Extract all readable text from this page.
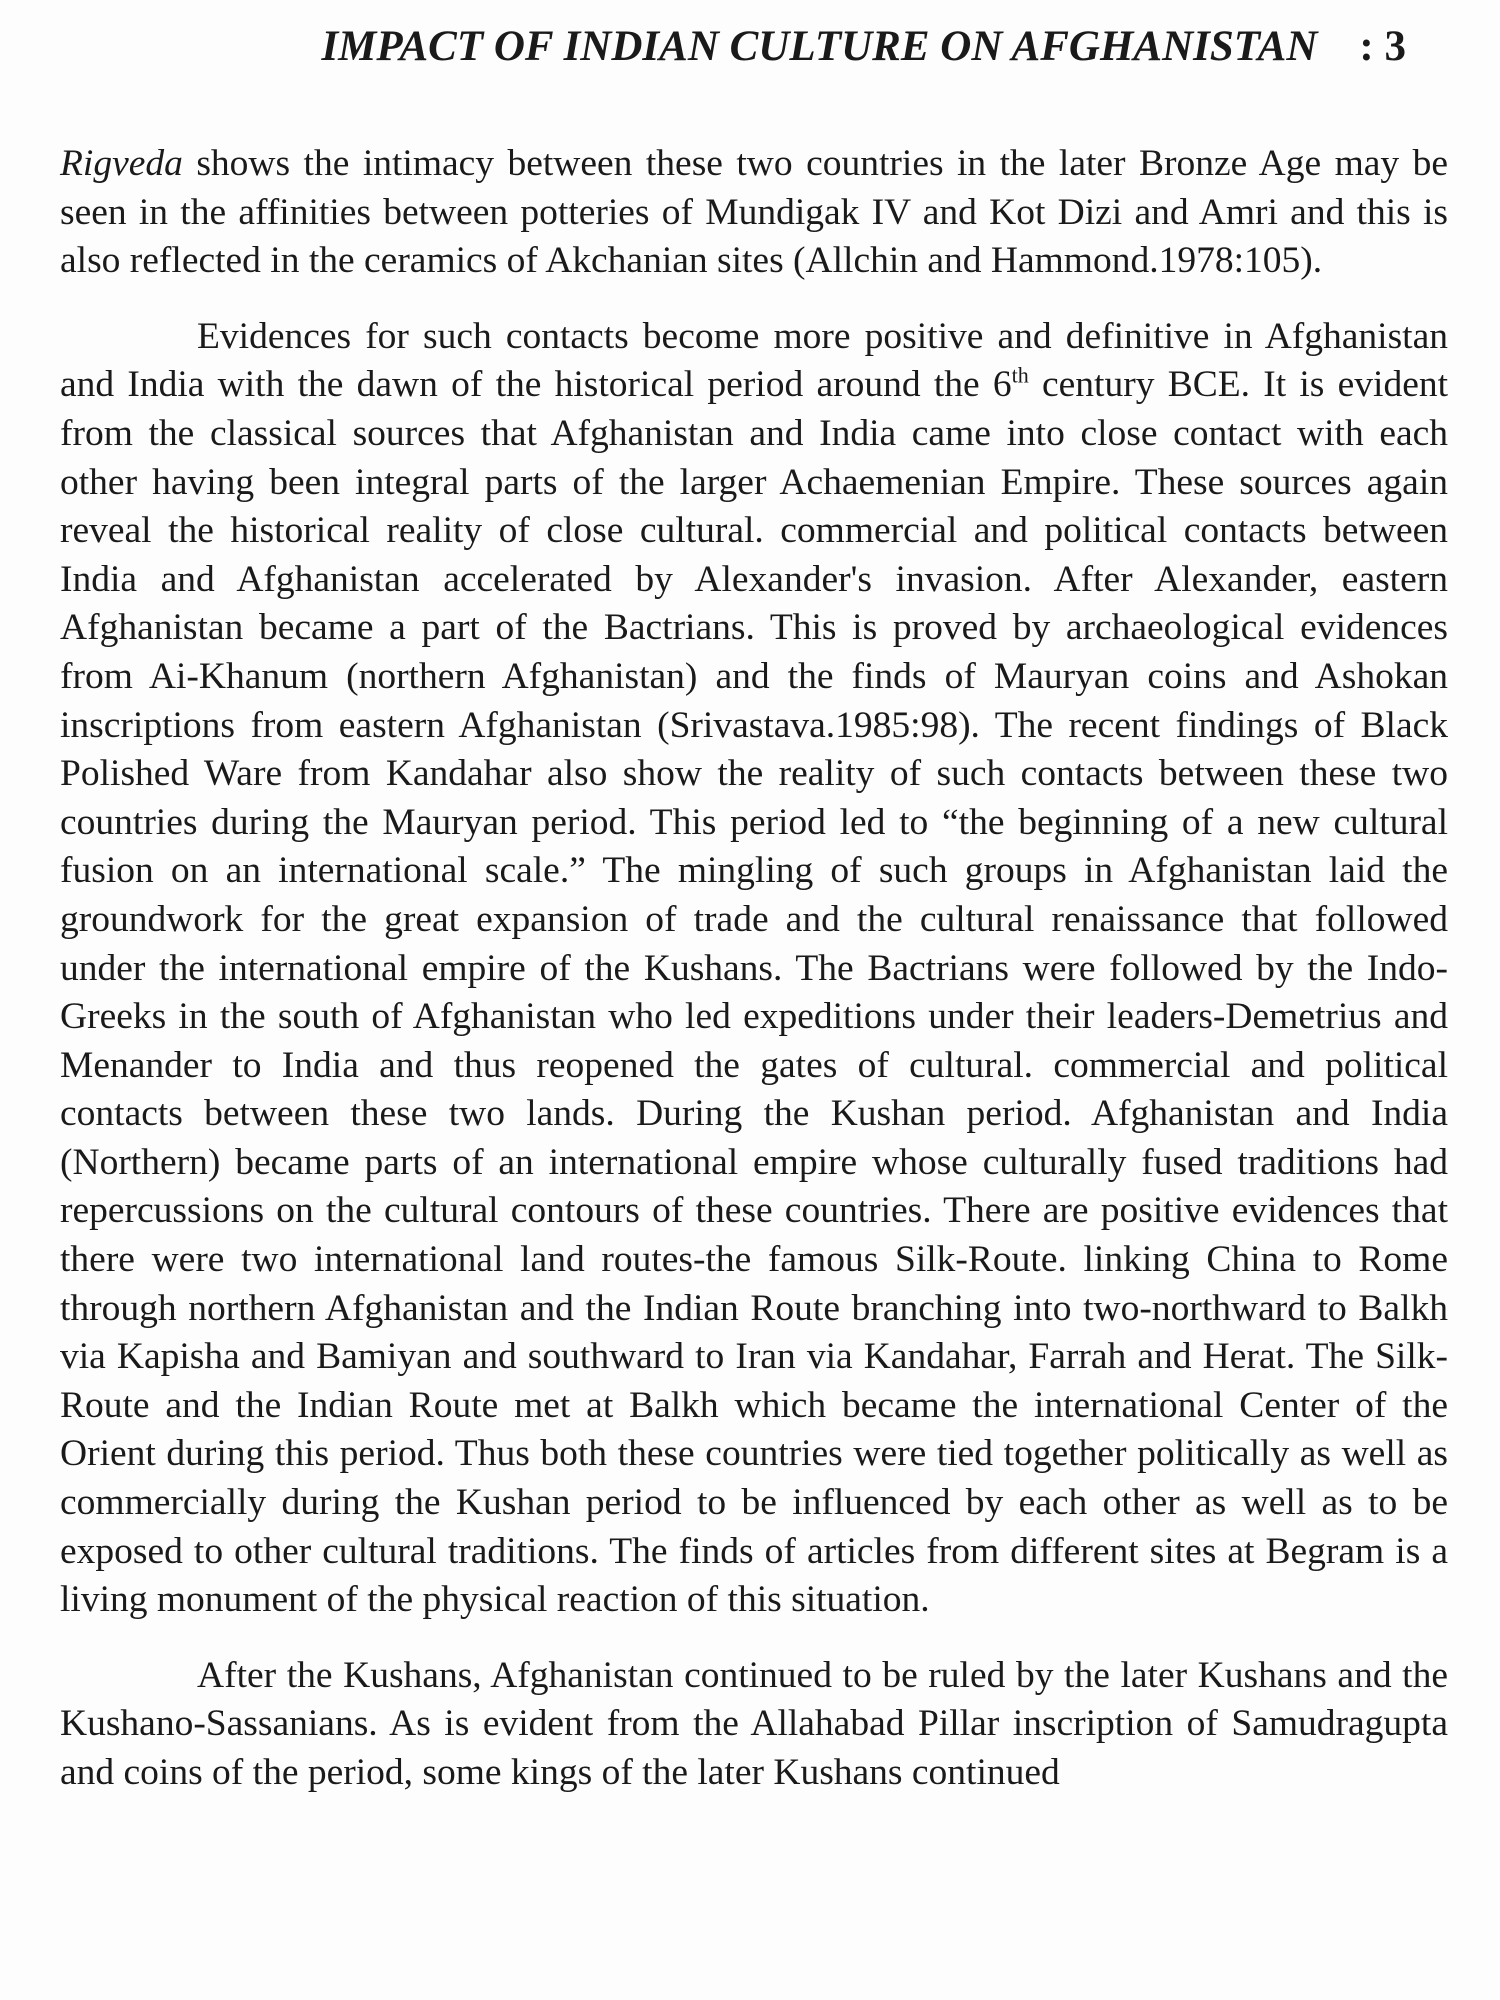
IMPACT OF INDIAN CULTURE ON AFGHANISTAN : 3

Rigveda shows the intimacy between these two countries in the later Bronze Age may be seen in the affinities between potteries of Mundigak IV and Kot Dizi and Amri and this is also reflected in the ceramics of Akchanian sites (Allchin and Hammond.1978:105).

Evidences for such contacts become more positive and definitive in Afghanistan and India with the dawn of the historical period around the 6th century BCE. It is evident from the classical sources that Afghanistan and India came into close contact with each other having been integral parts of the larger Achaemenian Empire. These sources again reveal the historical reality of close cultural. commercial and political contacts between India and Afghanistan accelerated by Alexander's invasion. After Alexander, eastern Afghanistan became a part of the Bactrians. This is proved by archaeological evidences from Ai-Khanum (northern Afghanistan) and the finds of Mauryan coins and Ashokan inscriptions from eastern Afghanistan (Srivastava.1985:98). The recent findings of Black Polished Ware from Kandahar also show the reality of such contacts between these two countries during the Mauryan period. This period led to “the beginning of a new cultural fusion on an international scale.” The mingling of such groups in Afghanistan laid the groundwork for the great expansion of trade and the cultural renaissance that followed under the international empire of the Kushans. The Bactrians were followed by the Indo-Greeks in the south of Afghanistan who led expeditions under their leaders-Demetrius and Menander to India and thus reopened the gates of cultural. commercial and political contacts between these two lands. During the Kushan period. Afghanistan and India (Northern) became parts of an international empire whose culturally fused traditions had repercussions on the cultural contours of these countries. There are positive evidences that there were two international land routes-the famous Silk-Route. linking China to Rome through northern Afghanistan and the Indian Route branching into two-northward to Balkh via Kapisha and Bamiyan and southward to Iran via Kandahar, Farrah and Herat. The Silk-Route and the Indian Route met at Balkh which became the international Center of the Orient during this period. Thus both these countries were tied together politically as well as commercially during the Kushan period to be influenced by each other as well as to be exposed to other cultural traditions. The finds of articles from different sites at Begram is a living monument of the physical reaction of this situation.

After the Kushans, Afghanistan continued to be ruled by the later Kushans and the Kushano-Sassanians. As is evident from the Allahabad Pillar inscription of Samudragupta and coins of the period, some kings of the later Kushans continued
